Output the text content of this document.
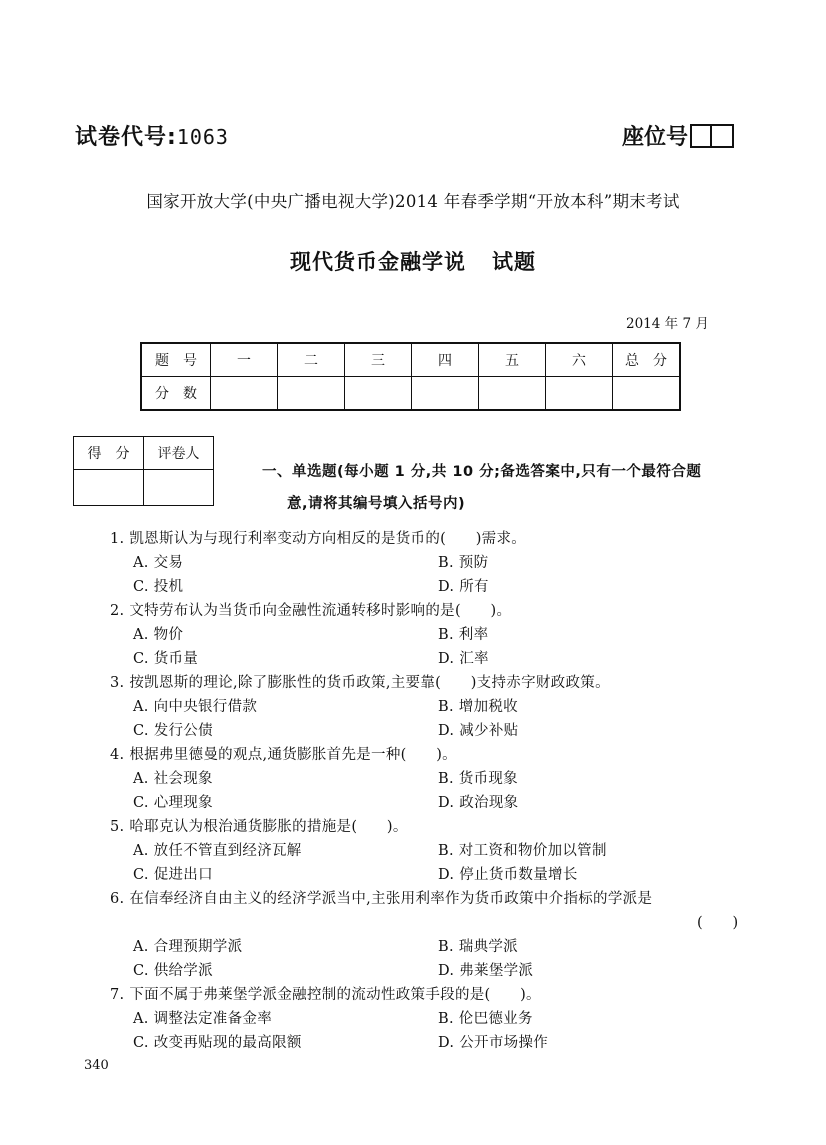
试卷代号:1063	座位号
国家开放大学(中央广播电视大学)2014 年春季学期“开放本科”期末考试
现代货币金融学说 试题
2014 年 7 月
题　号	一	二	三	四	五	六	总　分
分　数							
得　分	评卷人

一、单选题(每小题 1 分,共 10 分;备选答案中,只有一个最符合题
意,请将其编号填入括号内)
1. 凯恩斯认为与现行利率变动方向相反的是货币的(　　)需求。
A. 交易	B. 预防
C. 投机	D. 所有
2. 文特劳布认为当货币向金融性流通转移时影响的是(　　)。
A. 物价	B. 利率
C. 货币量	D. 汇率
3. 按凯恩斯的理论,除了膨胀性的货币政策,主要靠(　　)支持赤字财政政策。
A. 向中央银行借款	B. 增加税收
C. 发行公债	D. 减少补贴
4. 根据弗里德曼的观点,通货膨胀首先是一种(　　)。
A. 社会现象	B. 货币现象
C. 心理现象	D. 政治现象
5. 哈耶克认为根治通货膨胀的措施是(　　)。
A. 放任不管直到经济瓦解	B. 对工资和物价加以管制
C. 促进出口	D. 停止货币数量增长
6. 在信奉经济自由主义的经济学派当中,主张用利率作为货币政策中介指标的学派是
(　　)
A. 合理预期学派	B. 瑞典学派
C. 供给学派	D. 弗莱堡学派
7. 下面不属于弗莱堡学派金融控制的流动性政策手段的是(　　)。
A. 调整法定准备金率	B. 伦巴德业务
C. 改变再贴现的最高限额	D. 公开市场操作
340
